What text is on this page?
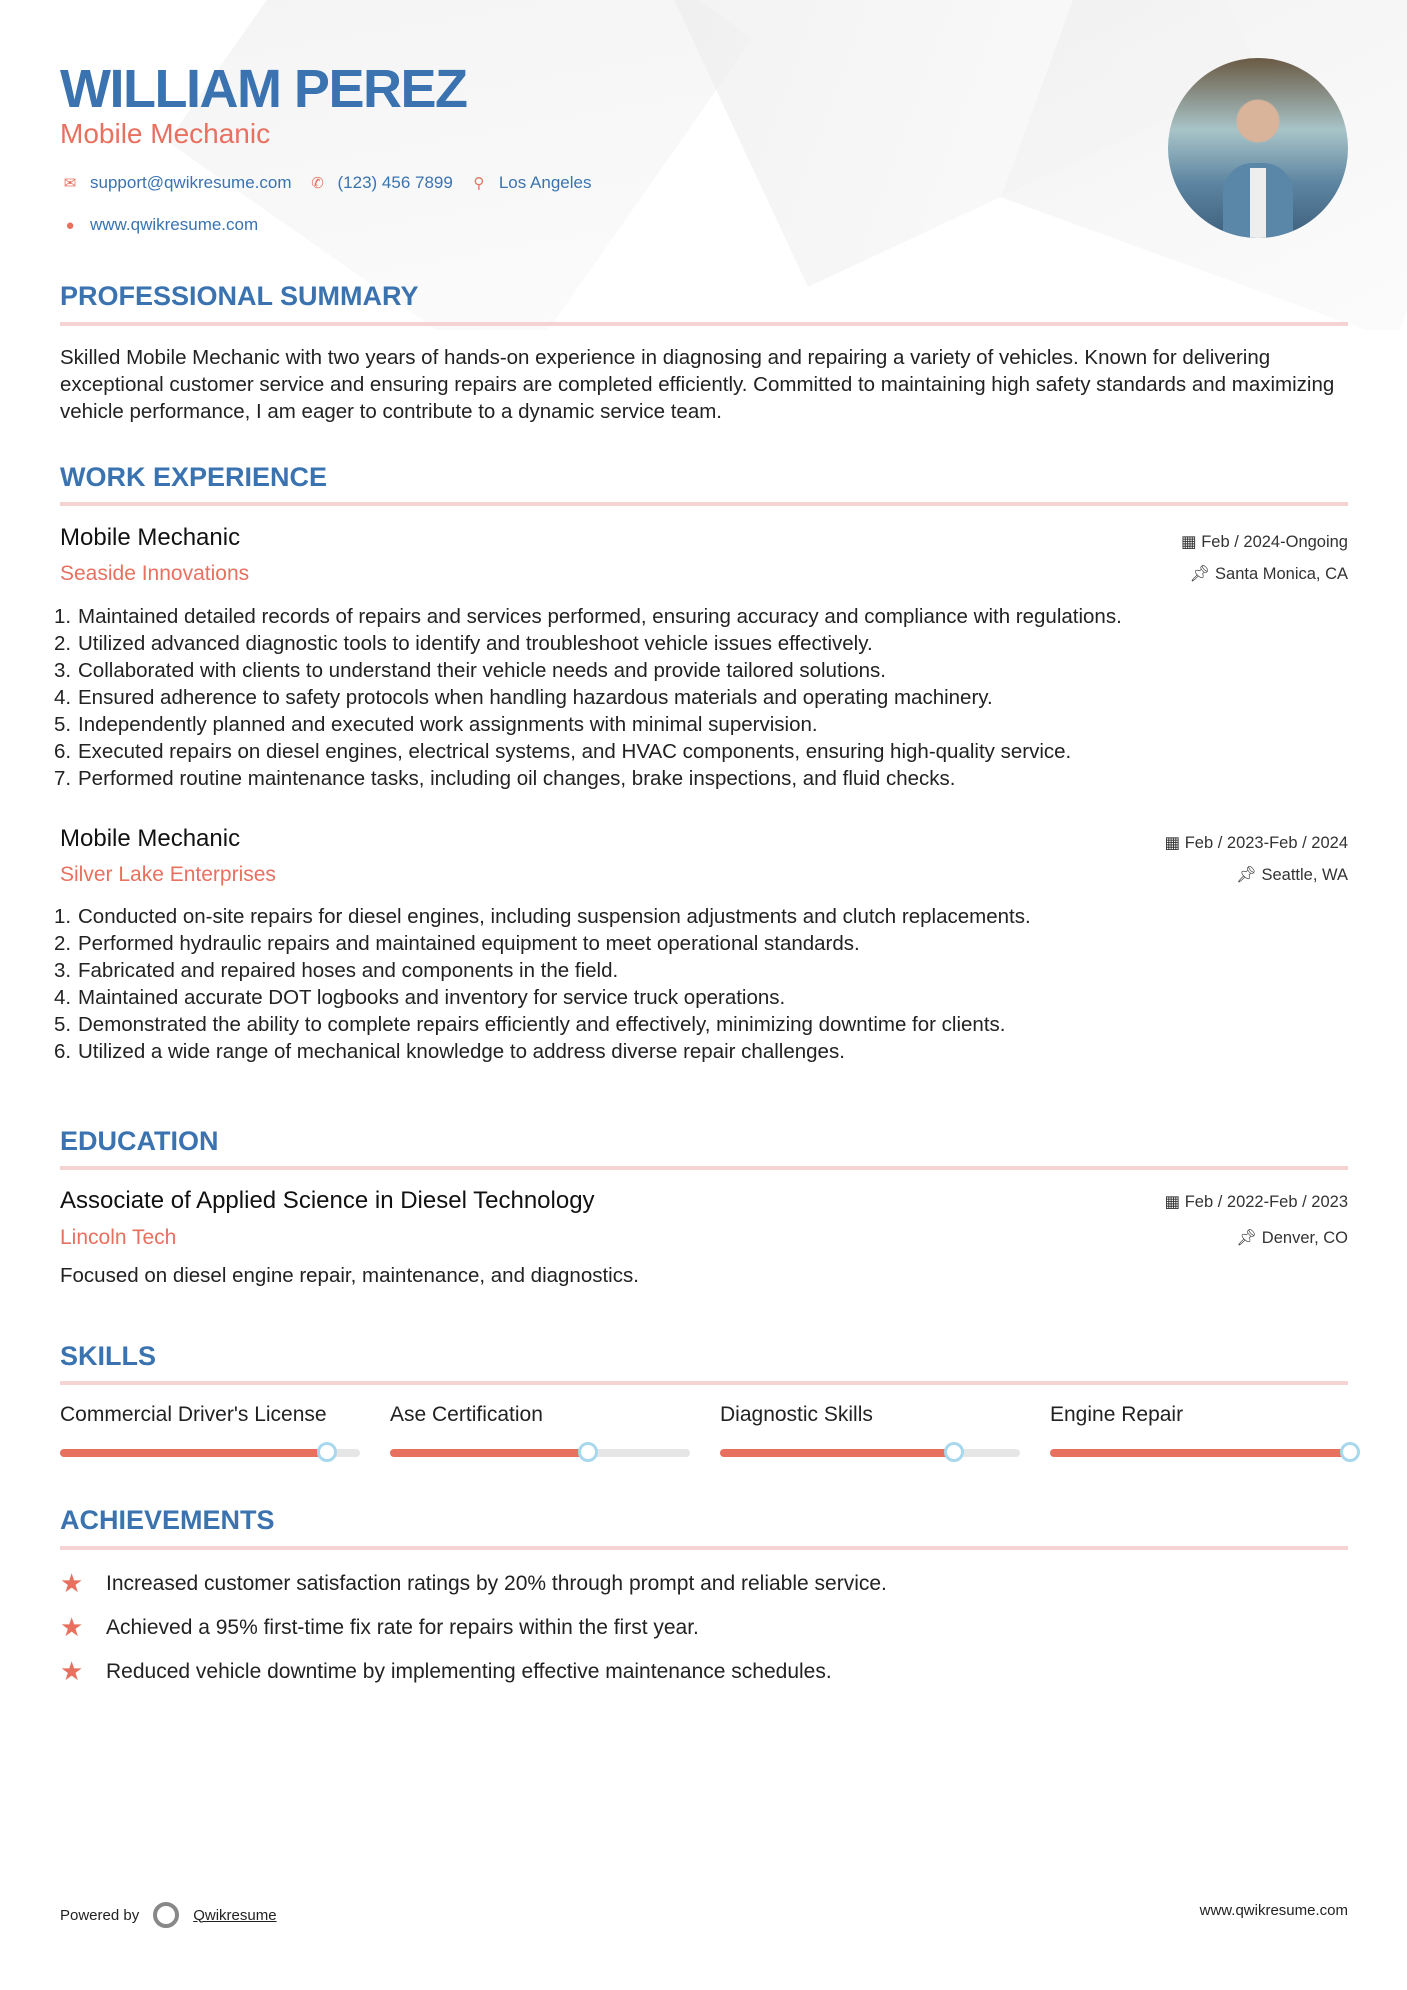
WILLIAM PEREZ
Mobile Mechanic
✉ support@qwikresume.com ✆ (123) 456 7899	⚲ Los Angeles
● www.qwikresume.com
PROFESSIONAL SUMMARY
Skilled Mobile Mechanic with two years of hands-on experience in diagnosing and repairing a variety of vehicles. Known for delivering exceptional customer service and ensuring repairs are completed efficiently. Committed to maintaining high safety standards and maximizing vehicle performance, I am eager to contribute to a dynamic service team.
WORK EXPERIENCE
Mobile Mechanic
Seaside Innovations
▦ Feb / 2024-Ongoing
📌︎ Santa Monica, CA
1. Maintained detailed records of repairs and services performed, ensuring accuracy and compliance with regulations.
2. Utilized advanced diagnostic tools to identify and troubleshoot vehicle issues effectively.
3. Collaborated with clients to understand their vehicle needs and provide tailored solutions.
4. Ensured adherence to safety protocols when handling hazardous materials and operating machinery.
5. Independently planned and executed work assignments with minimal supervision.
6. Executed repairs on diesel engines, electrical systems, and HVAC components, ensuring high-quality service.
7. Performed routine maintenance tasks, including oil changes, brake inspections, and fluid checks.
Mobile Mechanic
Silver Lake Enterprises
▦ Feb / 2023-Feb / 2024
📌︎ Seattle, WA
1. Conducted on-site repairs for diesel engines, including suspension adjustments and clutch replacements.
2. Performed hydraulic repairs and maintained equipment to meet operational standards.
3. Fabricated and repaired hoses and components in the field.
4. Maintained accurate DOT logbooks and inventory for service truck operations.
5. Demonstrated the ability to complete repairs efficiently and effectively, minimizing downtime for clients.
6. Utilized a wide range of mechanical knowledge to address diverse repair challenges.
EDUCATION
Associate of Applied Science in Diesel Technology
Lincoln Tech
▦ Feb / 2022-Feb / 2023
📌︎ Denver, CO
Focused on diesel engine repair, maintenance, and diagnostics.
SKILLS
Commercial Driver's License	Ase Certification	Diagnostic Skills	Engine Repair
ACHIEVEMENTS
★	Increased customer satisfaction ratings by 20% through prompt and reliable service.
★	Achieved a 95% first-time fix rate for repairs within the first year.
★	Reduced vehicle downtime by implementing effective maintenance schedules.
Powered by	Qwikresume	www.qwikresume.com
